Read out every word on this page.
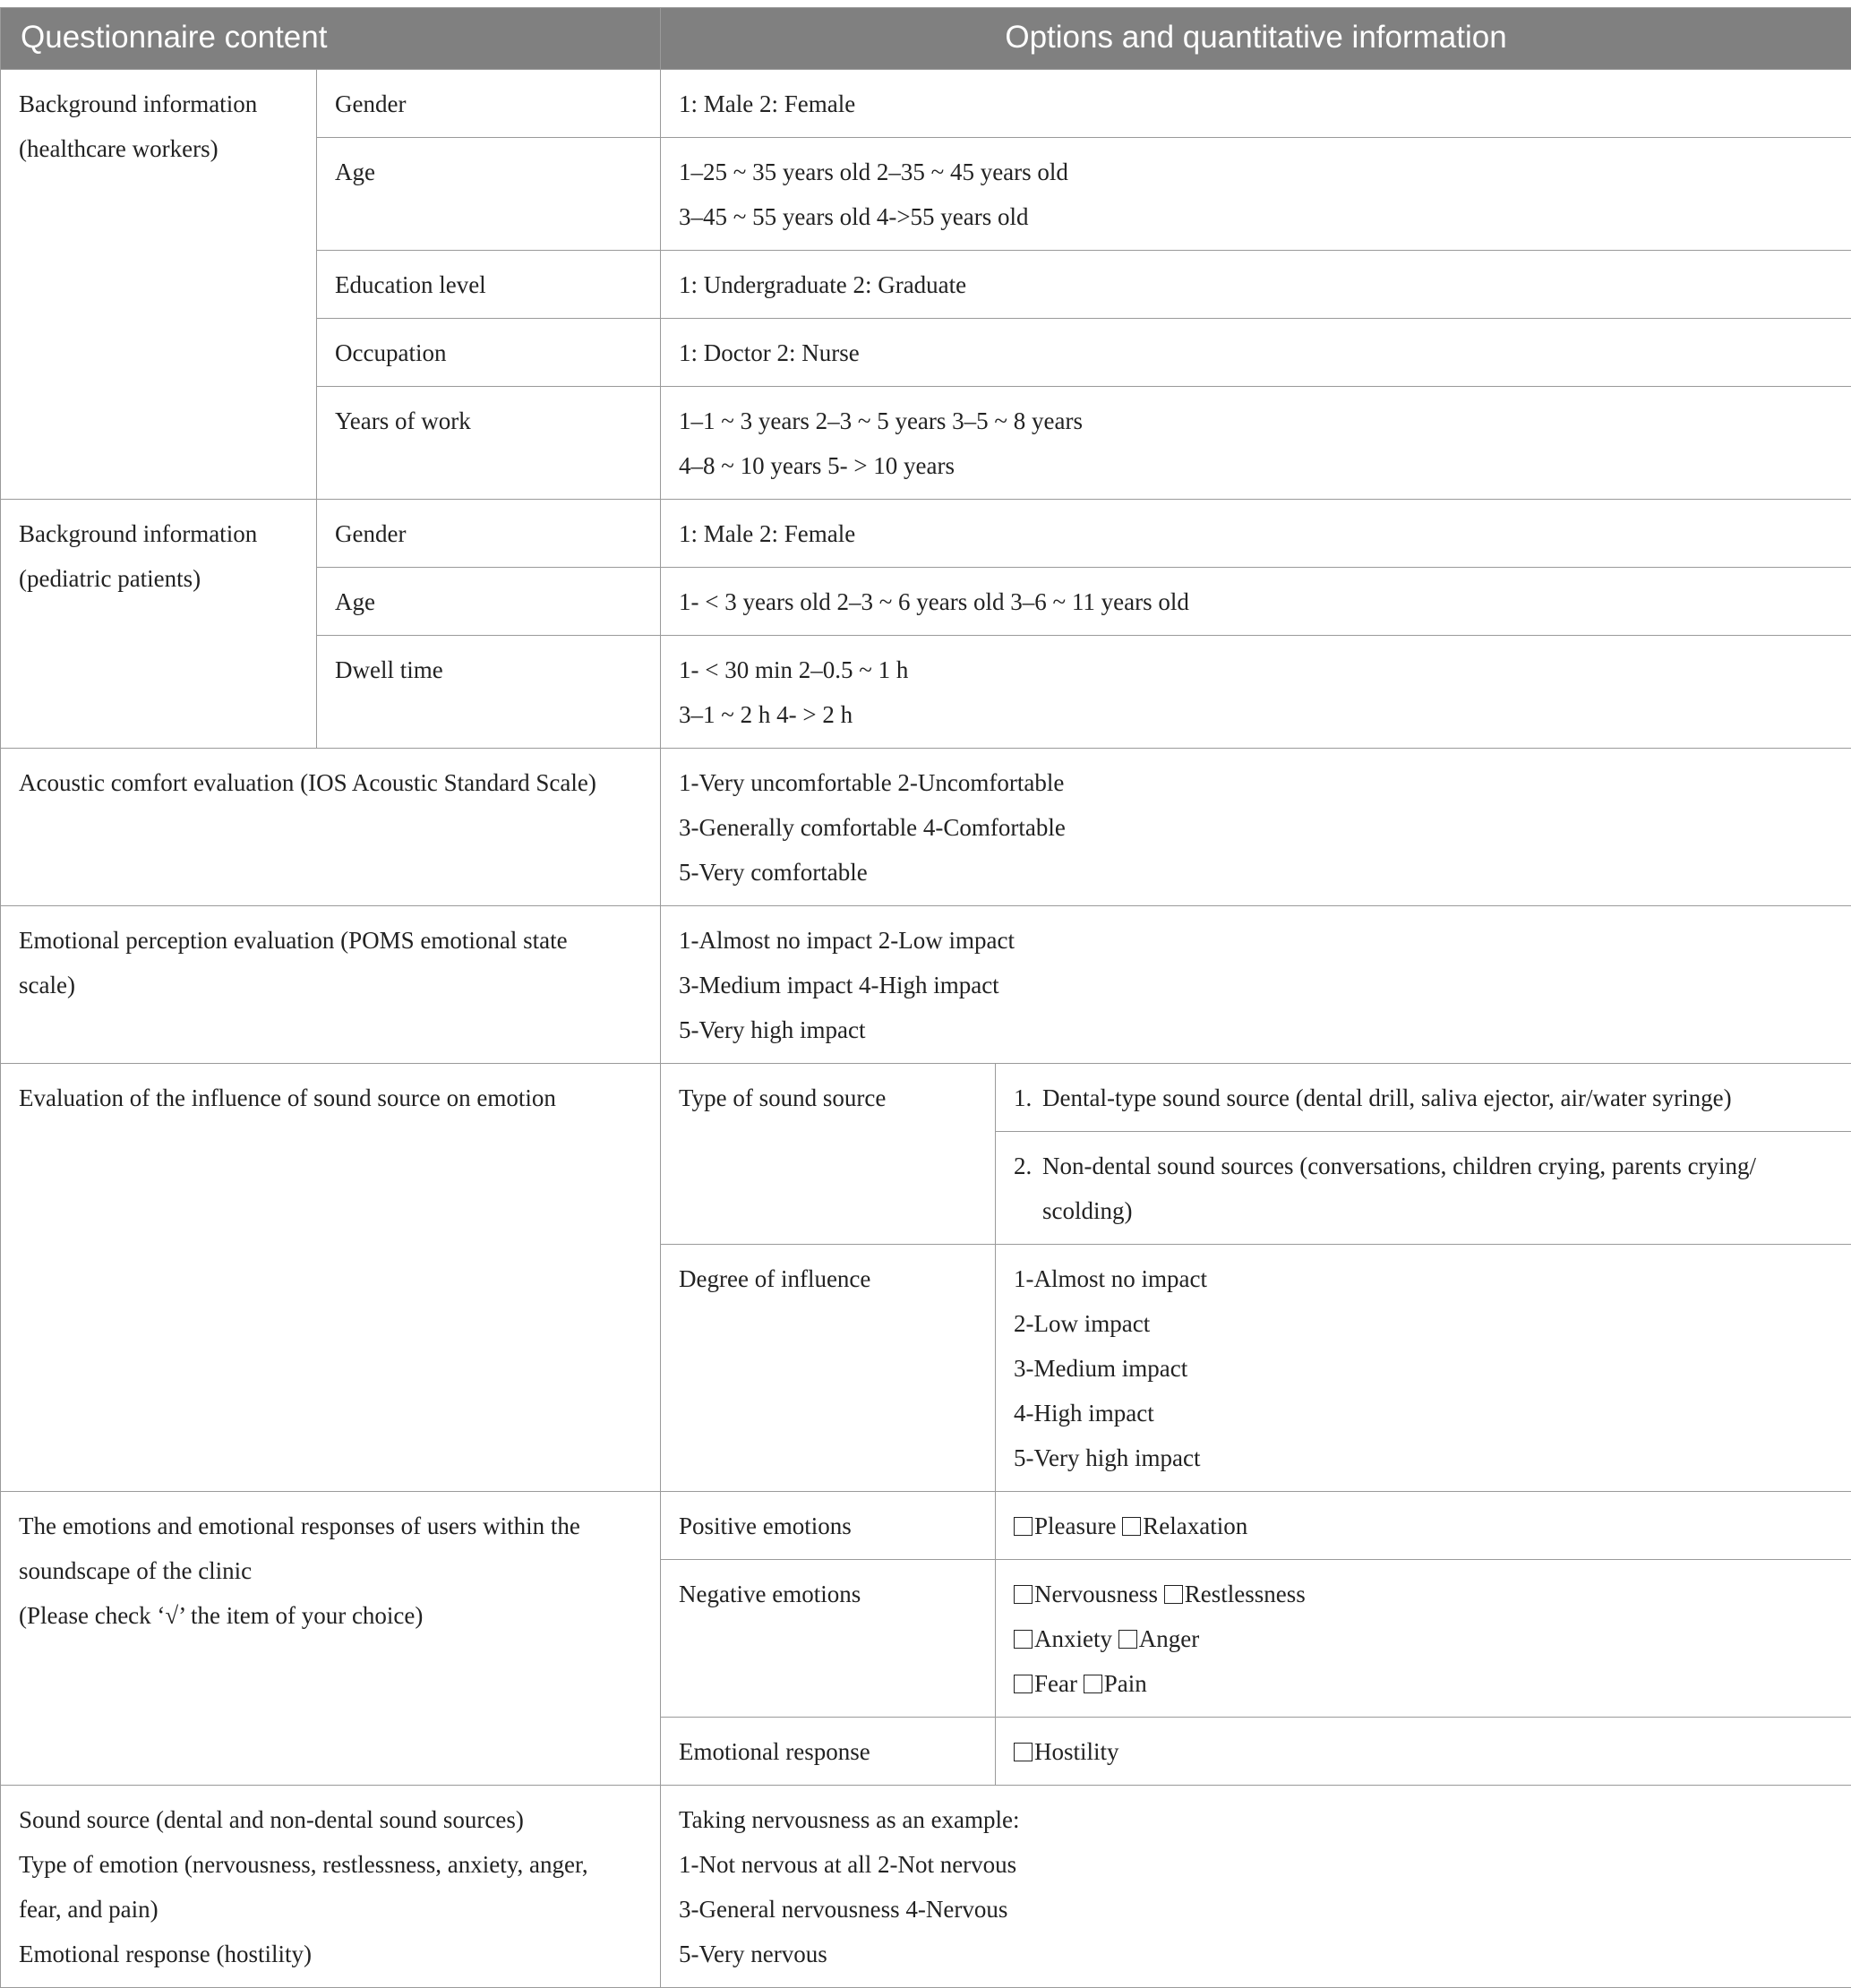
Questionnaire content		Options and quantitative information	

Background information
(healthcare workers)	Gender	1: Male 2: Female	

	Age	1–25 ~ 35 years old 2–35 ~ 45 years old
3–45 ~ 55 years old 4->55 years old	

	Education level	1: Undergraduate 2: Graduate	

	Occupation	1: Doctor 2: Nurse	

	Years of work	1–1 ~ 3 years 2–3 ~ 5 years 3–5 ~ 8 years
4–8 ~ 10 years 5- > 10 years	

Background information
(pediatric patients)	Gender	1: Male 2: Female	

	Age	1- < 3 years old 2–3 ~ 6 years old 3–6 ~ 11 years old	

	Dwell time	1- < 30 min 2–0.5 ~ 1 h
3–1 ~ 2 h 4- > 2 h	

Acoustic comfort evaluation (IOS Acoustic Standard Scale)		1-Very uncomfortable 2-Uncomfortable
3-Generally comfortable 4-Comfortable
5-Very comfortable	

Emotional perception evaluation (POMS emotional state
scale)		1-Almost no impact 2-Low impact
3-Medium impact 4-High impact
5-Very high impact	

Evaluation of the influence of sound source on emotion		Type of sound source	1. Dental-type sound source (dental drill, saliva ejector, air/water syringe)

			2. Non-dental sound sources (conversations, children crying, parents crying/
scolding)

		Degree of influence	1-Almost no impact
2-Low impact
3-Medium impact
4-High impact
5-Very high impact

The emotions and emotional responses of users within the
soundscape of the clinic
(Please check ‘√’ the item of your choice)		Positive emotions	Pleasure Relaxation

		Negative emotions	Nervousness Restlessness
Anxiety Anger
Fear Pain

		Emotional response	Hostility

Sound source (dental and non-dental sound sources)
Type of emotion (nervousness, restlessness, anxiety, anger,
fear, and pain)
Emotional response (hostility)		Taking nervousness as an example:
1-Not nervous at all 2-Not nervous
3-General nervousness 4-Nervous
5-Very nervous	
